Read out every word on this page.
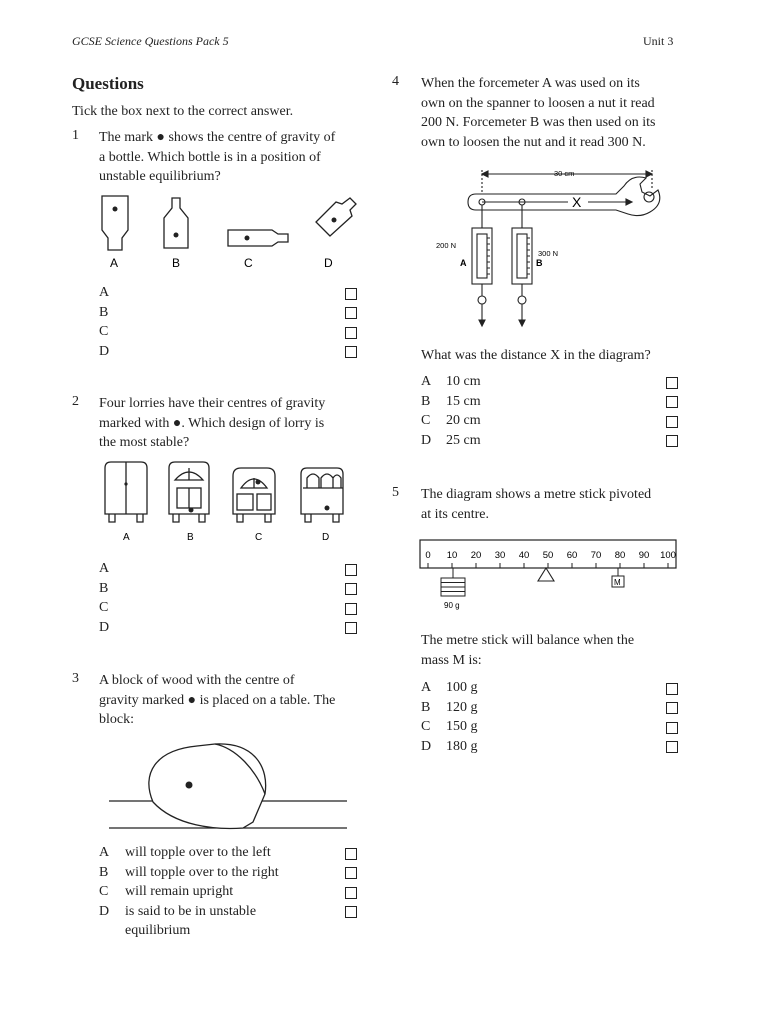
GCSE Science Questions Pack 5	Unit 3
Questions
Tick the box next to the correct answer.
1 The mark ● shows the centre of gravity of
a bottle. Which bottle is in a position of
unstable equilibrium?
A	B	C	D
A
B
C
D
2 Four lorries have their centres of gravity
marked with ●. Which design of lorry is
the most stable?
A	B	C	D
A
B
C
D
3 A block of wood with the centre of
gravity marked ● is placed on a table. The
block:
A	will topple over to the left
B	will topple over to the right
C	will remain upright
D	is said to be in unstable
equilibrium
4 When the forcemeter A was used on its
own on the spanner to loosen a nut it read
200 N. Forcemeter B was then used on its
own to loosen the nut and it read 300 N.
30 cm
X
200 N
A
300 N
B
What was the distance X in the diagram?
A	10 cm
B	15 cm
C	20 cm
D	25 cm
5 The diagram shows a metre stick pivoted
at its centre.
0 10 20 30 40 50 60 70 80 90 100
90 g
M
The metre stick will balance when the
mass M is:
A	100 g
B	120 g
C	150 g
D	180 g
